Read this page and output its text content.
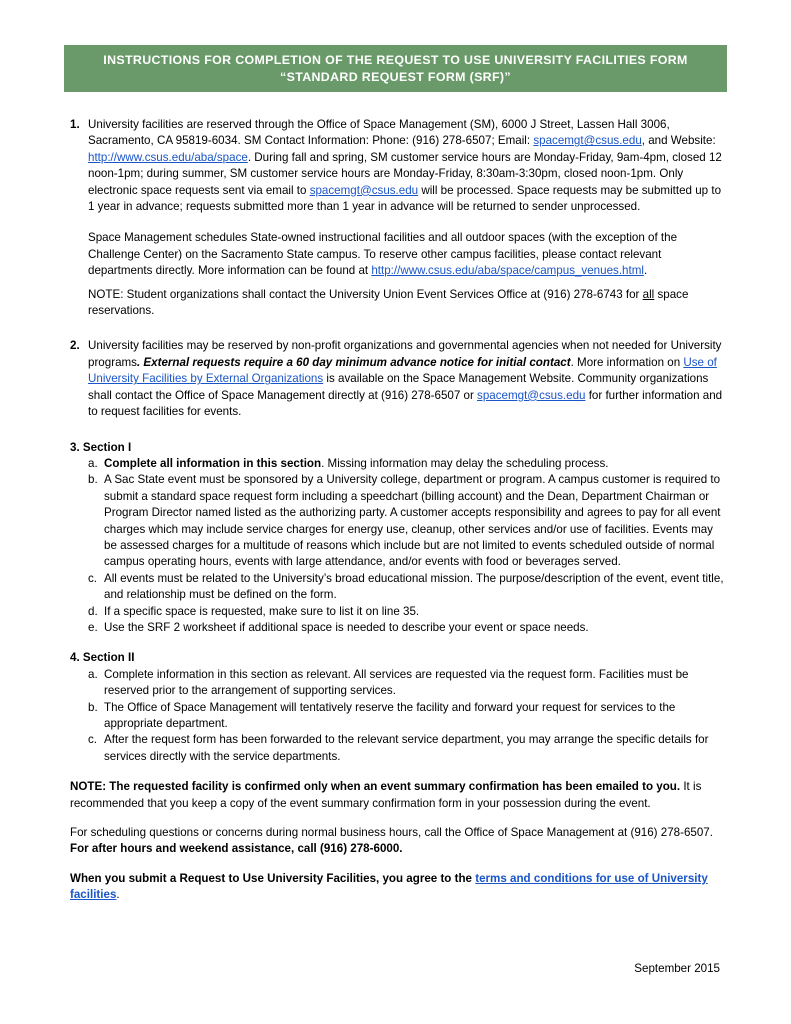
INSTRUCTIONS FOR COMPLETION OF THE REQUEST TO USE UNIVERSITY FACILITIES FORM
“STANDARD REQUEST FORM (SRF)”
1. University facilities are reserved through the Office of Space Management (SM), 6000 J Street, Lassen Hall 3006, Sacramento, CA 95819-6034. SM Contact Information: Phone: (916) 278-6507; Email: spacemgt@csus.edu, and Website: http://www.csus.edu/aba/space. During fall and spring, SM customer service hours are Monday-Friday, 9am-4pm, closed 12 noon-1pm; during summer, SM customer service hours are Monday-Friday, 8:30am-3:30pm, closed noon-1pm. Only electronic space requests sent via email to spacemgt@csus.edu will be processed. Space requests may be submitted up to 1 year in advance; requests submitted more than 1 year in advance will be returned to sender unprocessed.

Space Management schedules State-owned instructional facilities and all outdoor spaces (with the exception of the Challenge Center) on the Sacramento State campus. To reserve other campus facilities, please contact relevant departments directly. More information can be found at http://www.csus.edu/aba/space/campus_venues.html.

NOTE: Student organizations shall contact the University Union Event Services Office at (916) 278-6743 for all space reservations.

2. University facilities may be reserved by non-profit organizations and governmental agencies when not needed for University programs. External requests require a 60 day minimum advance notice for initial contact. More information on Use of University Facilities by External Organizations is available on the Space Management Website. Community organizations shall contact the Office of Space Management directly at (916) 278-6507 or spacemgt@csus.edu for further information and to request facilities for events.

3. Section I

a. Complete all information in this section. Missing information may delay the scheduling process.
b. A Sac State event must be sponsored by a University college, department or program. A campus customer is required to submit a standard space request form including a speedchart (billing account) and the Dean, Department Chairman or Program Director named listed as the authorizing party. A customer accepts responsibility and agrees to pay for all event charges which may include service charges for energy use, cleanup, other services and/or use of facilities. Events may be assessed charges for a multitude of reasons which include but are not limited to events scheduled outside of normal campus operating hours, events with large attendance, and/or events with food or beverages served.
c. All events must be related to the University’s broad educational mission. The purpose/description of the event, event title, and relationship must be defined on the form.
d. If a specific space is requested, make sure to list it on line 35.
e. Use the SRF 2 worksheet if additional space is needed to describe your event or space needs.

4. Section II

a. Complete information in this section as relevant. All services are requested via the request form. Facilities must be reserved prior to the arrangement of supporting services.
b. The Office of Space Management will tentatively reserve the facility and forward your request for services to the appropriate department.
c. After the request form has been forwarded to the relevant service department, you may arrange the specific details for services directly with the service departments.

NOTE: The requested facility is confirmed only when an event summary confirmation has been emailed to you. It is recommended that you keep a copy of the event summary confirmation form in your possession during the event.

For scheduling questions or concerns during normal business hours, call the Office of Space Management at (916) 278-6507. For after hours and weekend assistance, call (916) 278-6000.

When you submit a Request to Use University Facilities, you agree to the terms and conditions for use of University facilities.

September 2015
